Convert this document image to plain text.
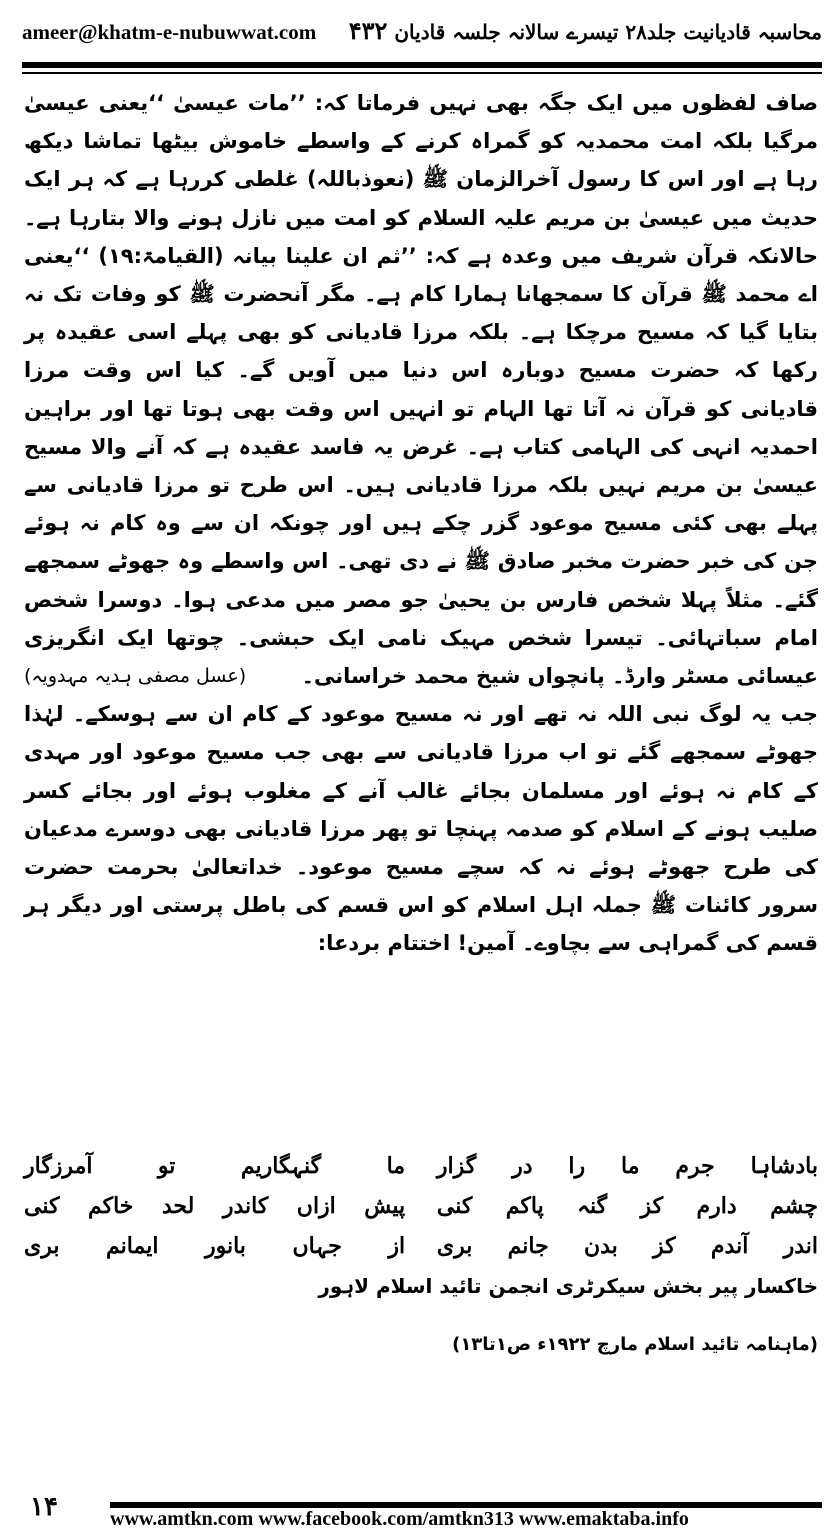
ameer@khatm-e-nubuwwat.com	محاسبہ قادیانیت جلد۲۸ تیسرے سالانہ جلسہ قادیان ۴۳۲

صاف لفظوں میں ایک جگہ بھی نہیں فرماتا کہ: ’’مات عیسیٰ ‘‘یعنی عیسیٰ مرگیا بلکہ امت محمدیہ کو گمراہ کرنے کے واسطے خاموش بیٹھا تماشا دیکھ رہا ہے اور اس کا رسول آخرالزمان ﷺ (نعوذباللہ) غلطی کررہا ہے کہ ہر ایک حدیث میں عیسیٰ بن مریم علیہ السلام کو امت میں نازل ہونے والا بتارہا ہے۔ حالانکہ قرآن شریف میں وعدہ ہے کہ: ’’ثم ان علینا بیانہ (القیامۃ:۱۹) ‘‘یعنی اے محمد ﷺ قرآن کا سمجھانا ہمارا کام ہے۔ مگر آنحضرت ﷺ کو وفات تک نہ بتایا گیا کہ مسیح مرچکا ہے۔ بلکہ مرزا قادیانی کو بھی پہلے اسی عقیدہ پر رکھا کہ حضرت مسیح دوبارہ اس دنیا میں آویں گے۔ کیا اس وقت مرزا قادیانی کو قرآن نہ آتا تھا الہام تو انہیں اس وقت بھی ہوتا تھا اور براہین احمدیہ انہی کی الہامی کتاب ہے۔ غرض یہ فاسد عقیدہ ہے کہ آنے والا مسیح عیسیٰ بن مریم نہیں بلکہ مرزا قادیانی ہیں۔ اس طرح تو مرزا قادیانی سے پہلے بھی کئی مسیح موعود گزر چکے ہیں اور چونکہ ان سے وہ کام نہ ہوئے جن کی خبر حضرت مخبر صادق ﷺ نے دی تھی۔ اس واسطے وہ جھوٹے سمجھے گئے۔ مثلاً پہلا شخص فارس بن یحییٰ جو مصر میں مدعی ہوا۔ دوسرا شخص امام سباتہائی۔ تیسرا شخص مہیک نامی ایک حبشی۔ چوتھا ایک انگریزی عیسائی مسٹر وارڈ۔ پانچواں شیخ محمد خراسانی۔
(عسل مصفی ہدیہ مہدویہ)

جب یہ لوگ نبی اللہ نہ تھے اور نہ مسیح موعود کے کام ان سے ہوسکے۔ لہٰذا جھوٹے سمجھے گئے تو اب مرزا قادیانی سے بھی جب مسیح موعود اور مہدی کے کام نہ ہوئے اور مسلمان بجائے غالب آنے کے مغلوب ہوئے اور بجائے کسر صلیب ہونے کے اسلام کو صدمہ پہنچا تو پھر مرزا قادیانی بھی دوسرے مدعیان کی طرح جھوٹے ہوئے نہ کہ سچے مسیح موعود۔ خداتعالیٰ بحرمت حضرت سرور کائنات ﷺ جملہ اہل اسلام کو اس قسم کی باطل پرستی اور دیگر ہر قسم کی گمراہی سے بچاوے۔ آمین! اختتام بردعا:

بادشاہا جرم ما را در گزار
ما گنہگاریم تو آمرزگار
چشم دارم کز گنہ پاکم کنی
پیش ازاں کاندر لحد خاکم کنی
اندر آندم کز بدن جانم بری
از جہاں بانور ایمانم بری
خاکسار پیر بخش سیکرٹری انجمن تائید اسلام لاہور
(ماہنامہ تائید اسلام مارچ ۱۹۲۲ء ص۱تا۱۳)
۱۴	www.amtkn.com www.facebook.com/amtkn313 www.emaktaba.info
